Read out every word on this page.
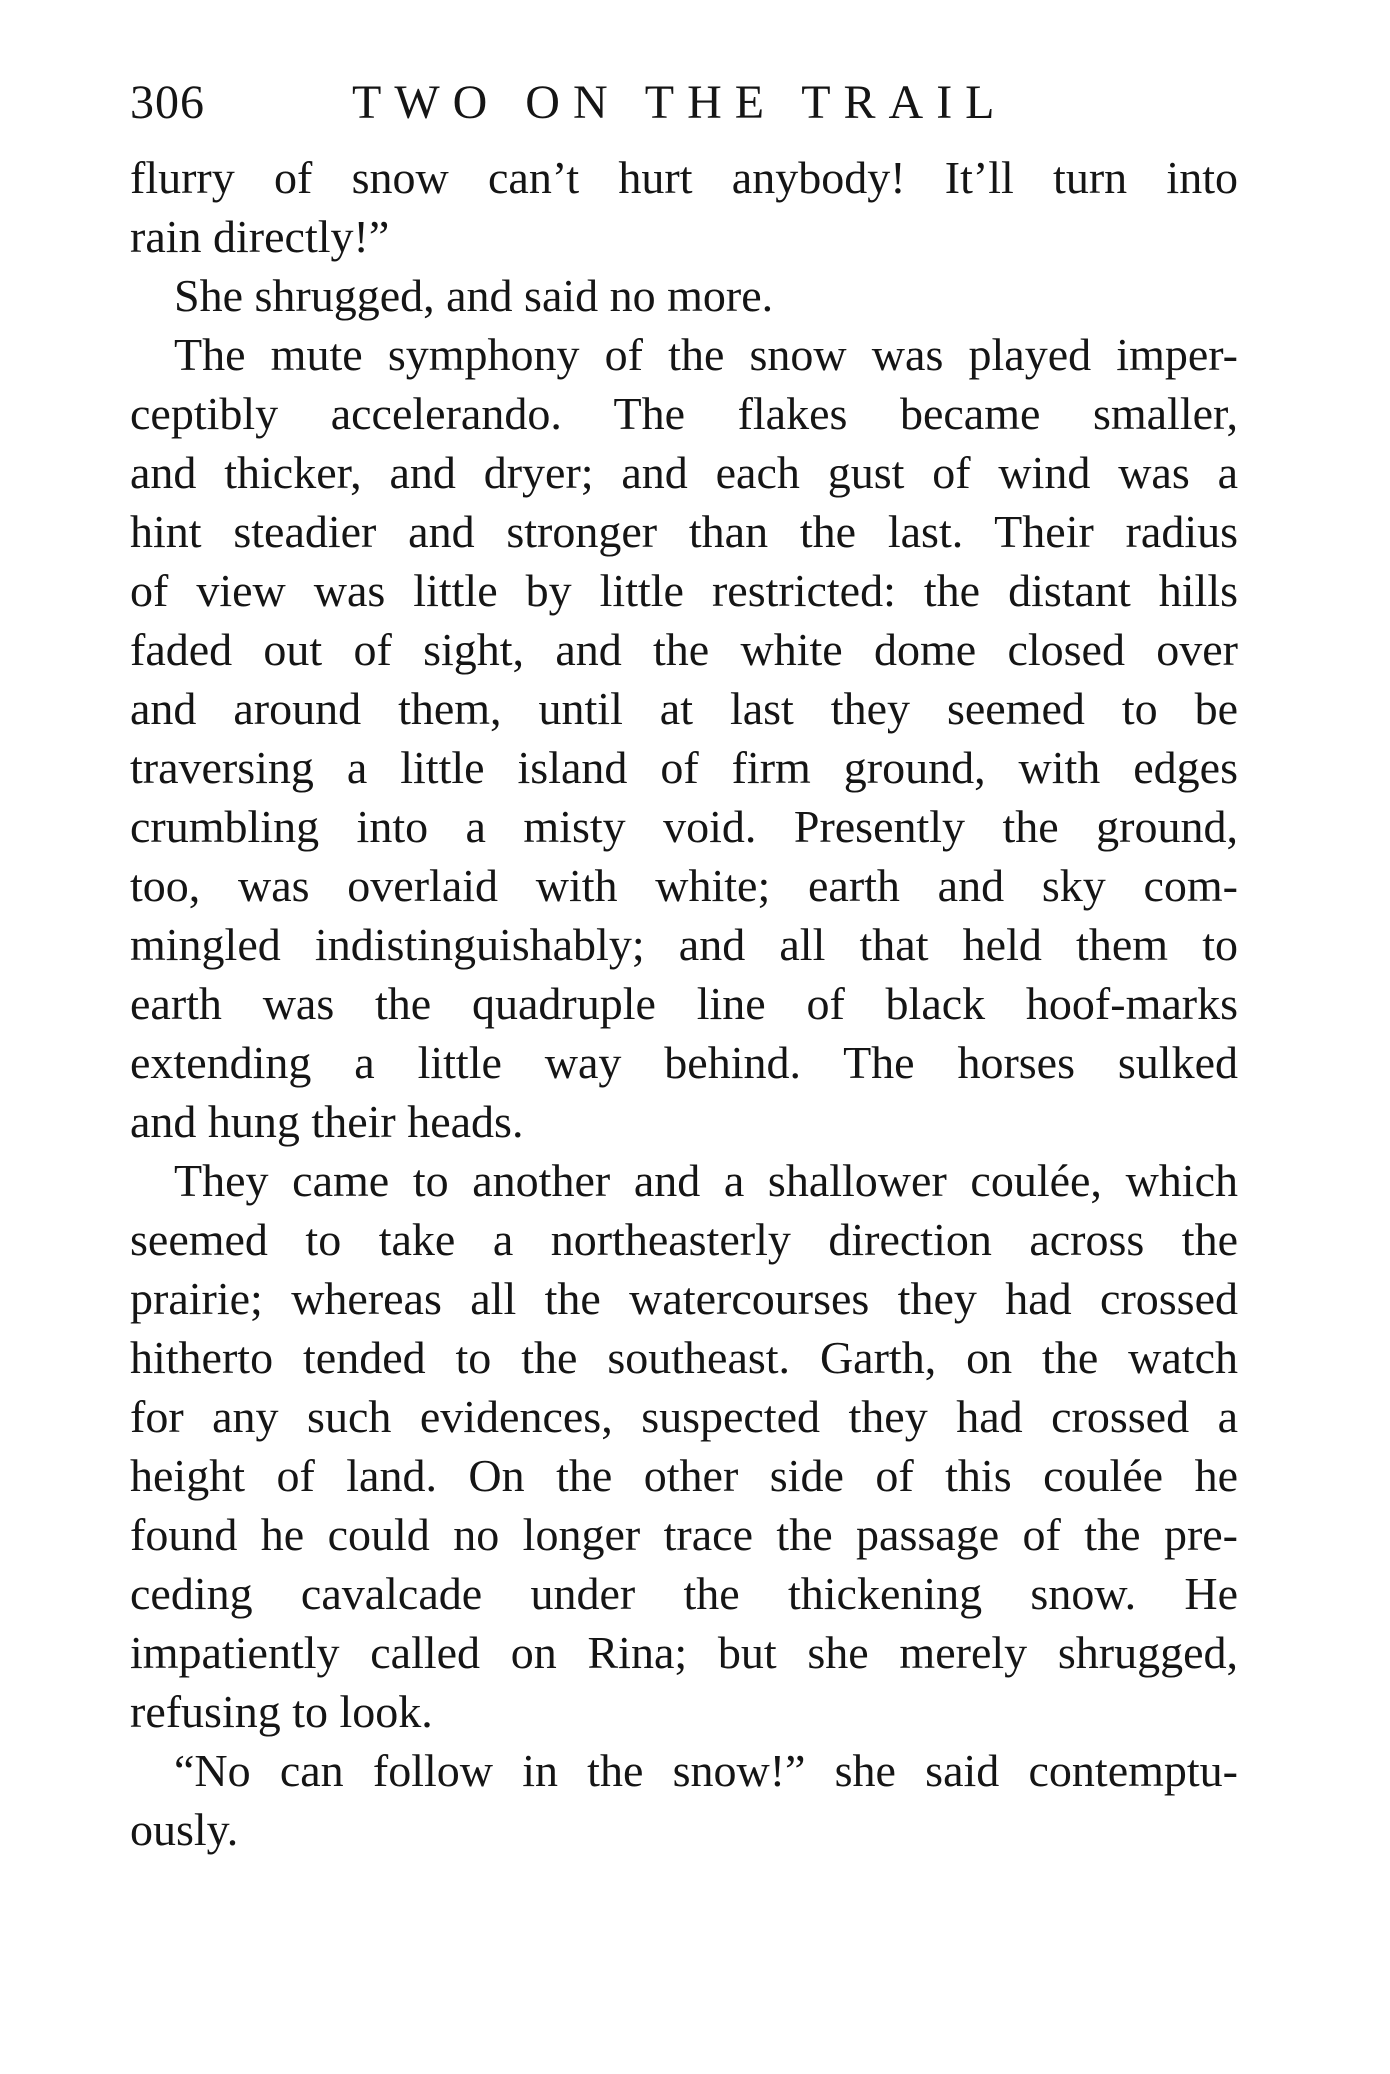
306	TWO ON THE TRAIL
flurry of snow can’t hurt anybody! It’ll turn into
rain directly!”
She shrugged, and said no more.
The mute symphony of the snow was played imper-
ceptibly accelerando. The flakes became smaller,
and thicker, and dryer; and each gust of wind was a
hint steadier and stronger than the last. Their radius
of view was little by little restricted: the distant hills
faded out of sight, and the white dome closed over
and around them, until at last they seemed to be
traversing a little island of firm ground, with edges
crumbling into a misty void. Presently the ground,
too, was overlaid with white; earth and sky com-
mingled indistinguishably; and all that held them to
earth was the quadruple line of black hoof-marks
extending a little way behind. The horses sulked
and hung their heads.
They came to another and a shallower coulée, which
seemed to take a northeasterly direction across the
prairie; whereas all the watercourses they had crossed
hitherto tended to the southeast. Garth, on the watch
for any such evidences, suspected they had crossed a
height of land. On the other side of this coulée he
found he could no longer trace the passage of the pre-
ceding cavalcade under the thickening snow. He
impatiently called on Rina; but she merely shrugged,
refusing to look.
“No can follow in the snow!” she said contemptu-
ously.
